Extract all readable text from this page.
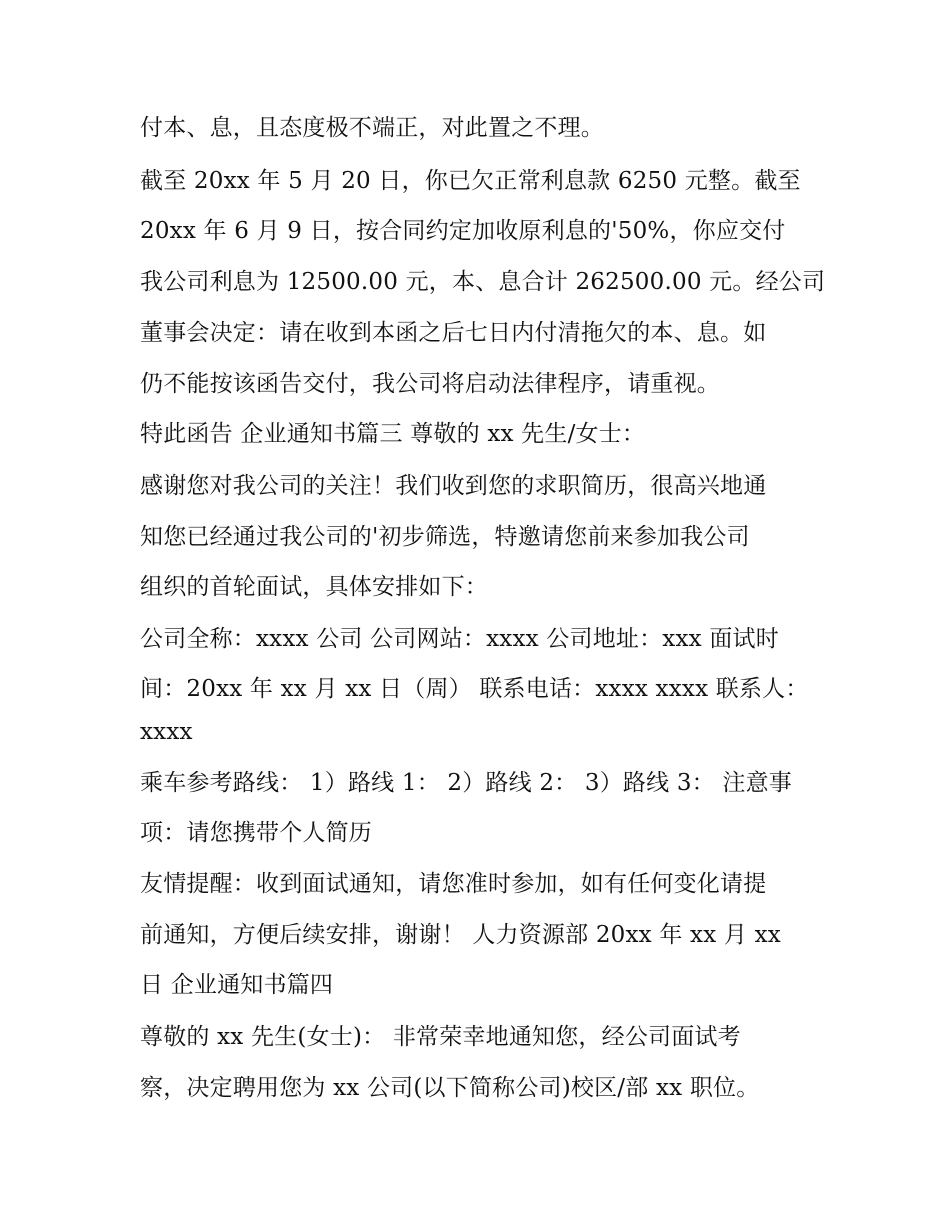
付本、息，且态度极不端正，对此置之不理。
截至 20xx 年 5 月 20 日，你已欠正常利息款 6250 元整。截至
20xx 年 6 月 9 日，按合同约定加收原利息的'50%，你应交付
我公司利息为 12500.00 元，本、息合计 262500.00 元。经公司
董事会决定：请在收到本函之后七日内付清拖欠的本、息。如
仍不能按该函告交付，我公司将启动法律程序，请重视。
特此函告 企业通知书篇三 尊敬的 xx 先生/女士：
感谢您对我公司的关注！我们收到您的求职简历，很高兴地通
知您已经通过我公司的'初步筛选，特邀请您前来参加我公司
组织的首轮面试，具体安排如下：
公司全称：xxxx 公司 公司网站：xxxx 公司地址：xxx 面试时
间：20xx 年 xx 月 xx 日（周） 联系电话：xxxx xxxx 联系人：
xxxx
乘车参考路线： 1）路线 1： 2）路线 2： 3）路线 3： 注意事
项：请您携带个人简历
友情提醒：收到面试通知，请您准时参加，如有任何变化请提
前通知，方便后续安排，谢谢！ 人力资源部 20xx 年 xx 月 xx
日 企业通知书篇四
尊敬的 xx 先生(女士)： 非常荣幸地通知您，经公司面试考
察，决定聘用您为 xx 公司(以下简称公司)校区/部 xx 职位。
